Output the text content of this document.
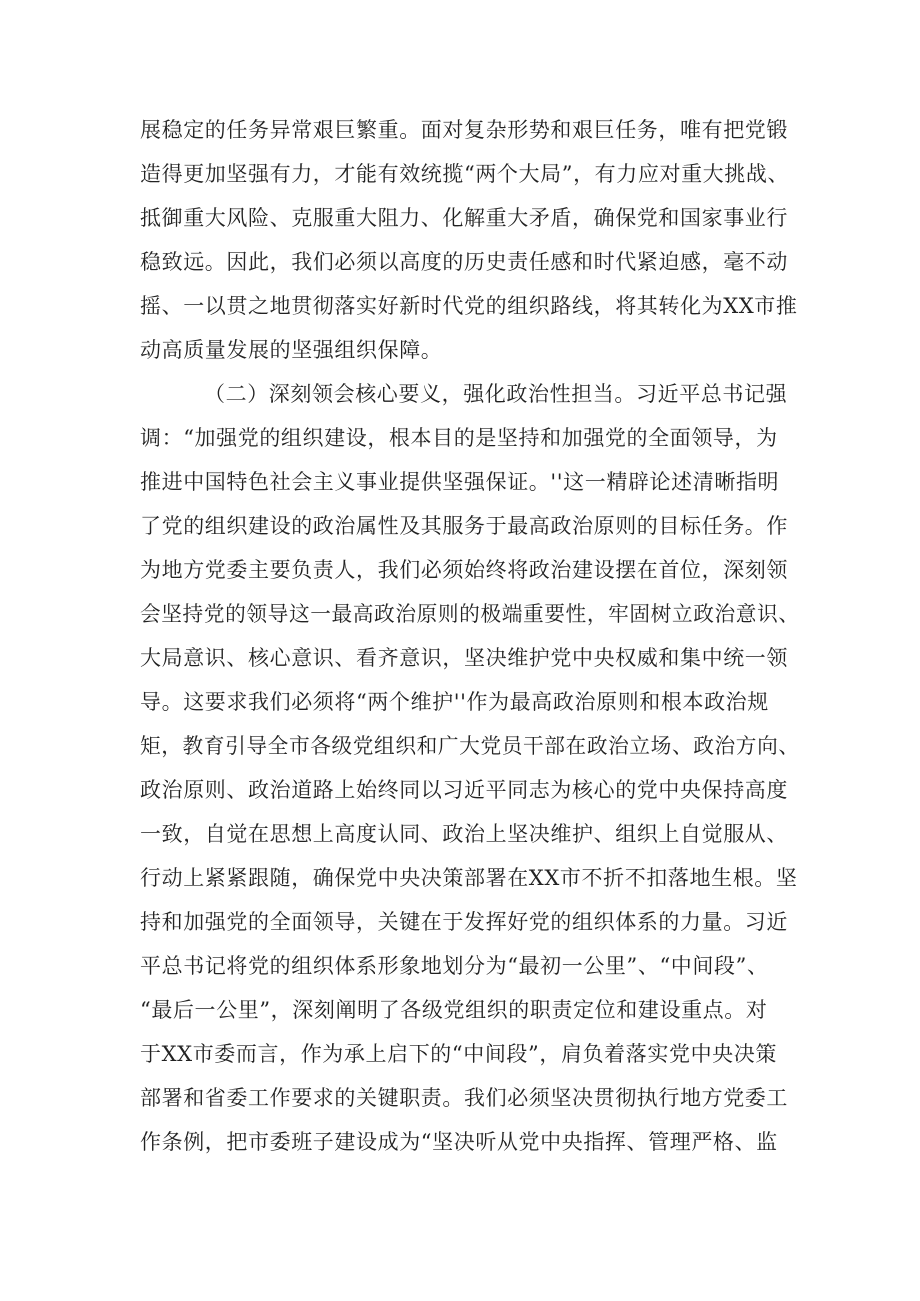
展稳定的任务异常艰巨繁重。面对复杂形势和艰巨任务，唯有把党锻
造得更加坚强有力，才能有效统揽“两个大局”，有力应对重大挑战、
抵御重大风险、克服重大阻力、化解重大矛盾，确保党和国家事业行
稳致远。因此，我们必须以高度的历史责任感和时代紧迫感，毫不动
摇、一以贯之地贯彻落实好新时代党的组织路线，将其转化为XX市推
动高质量发展的坚强组织保障。
（二）深刻领会核心要义，强化政治性担当。习近平总书记强
调：“加强党的组织建设，根本目的是坚持和加强党的全面领导，为
推进中国特色社会主义事业提供坚强保证。''这一精辟论述清晰指明
了党的组织建设的政治属性及其服务于最高政治原则的目标任务。作
为地方党委主要负责人，我们必须始终将政治建设摆在首位，深刻领
会坚持党的领导这一最高政治原则的极端重要性，牢固树立政治意识、
大局意识、核心意识、看齐意识，坚决维护党中央权威和集中统一领
导。这要求我们必须将“两个维护''作为最高政治原则和根本政治规
矩，教育引导全市各级党组织和广大党员干部在政治立场、政治方向、
政治原则、政治道路上始终同以习近平同志为核心的党中央保持高度
一致，自觉在思想上高度认同、政治上坚决维护、组织上自觉服从、
行动上紧紧跟随，确保党中央决策部署在XX市不折不扣落地生根。坚
持和加强党的全面领导，关键在于发挥好党的组织体系的力量。习近
平总书记将党的组织体系形象地划分为“最初一公里”、“中间段”、
“最后一公里”，深刻阐明了各级党组织的职责定位和建设重点。对
于XX市委而言，作为承上启下的“中间段”，肩负着落实党中央决策
部署和省委工作要求的关键职责。我们必须坚决贯彻执行地方党委工
作条例，把市委班子建设成为“坚决听从党中央指挥、管理严格、监
